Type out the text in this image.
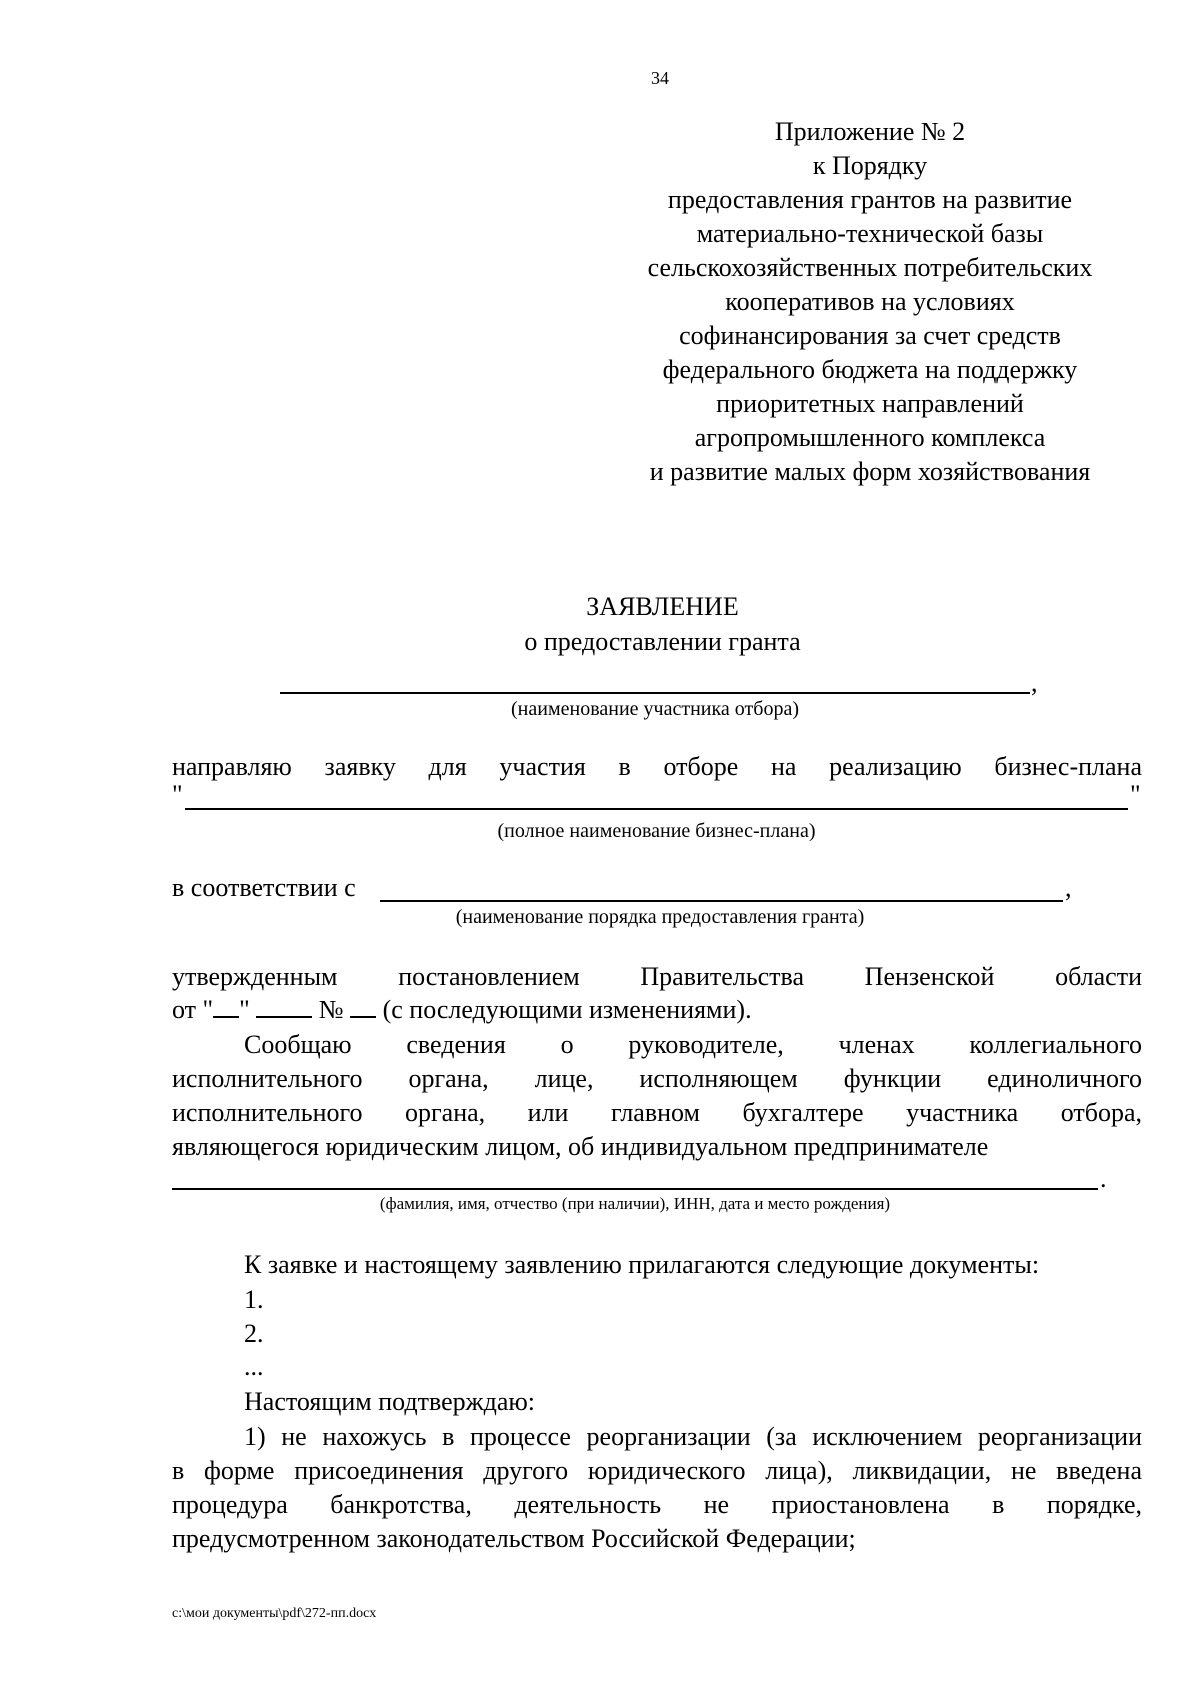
34
Приложение № 2
к Порядку
предоставления грантов на развитие
материально-технической базы
сельскохозяйственных потребительских
кооперативов на условиях
софинансирования за счет средств
федерального бюджета на поддержку
приоритетных направлений
агропромышленного комплекса
и развитие малых форм хозяйствования
ЗАЯВЛЕНИЕ
о предоставлении гранта
,
(наименование участника отбора)
направляю заявку для участия в отборе на реализацию бизнес-плана
"	"
(полное наименование бизнес-плана)
в соответствии с	,
(наименование порядка предоставления гранта)
утвержденным постановлением Правительства Пензенской области
от " "	№ (с последующими изменениями).
Сообщаю сведения о руководителе, членах коллегиального
исполнительного органа, лице, исполняющем функции единоличного
исполнительного органа, или главном бухгалтере участника отбора,
являющегося юридическим лицом, об индивидуальном предпринимателе
.
(фамилия, имя, отчество (при наличии), ИНН, дата и место рождения)
К заявке и настоящему заявлению прилагаются следующие документы:
1.
2.
...
Настоящим подтверждаю:
1) не нахожусь в процессе реорганизации (за исключением реорганизации
в форме присоединения другого юридического лица), ликвидации, не введена
процедура банкротства, деятельность не приостановлена в порядке,
предусмотренном законодательством Российской Федерации;
c:\мои документы\pdf\272-пп.docx
